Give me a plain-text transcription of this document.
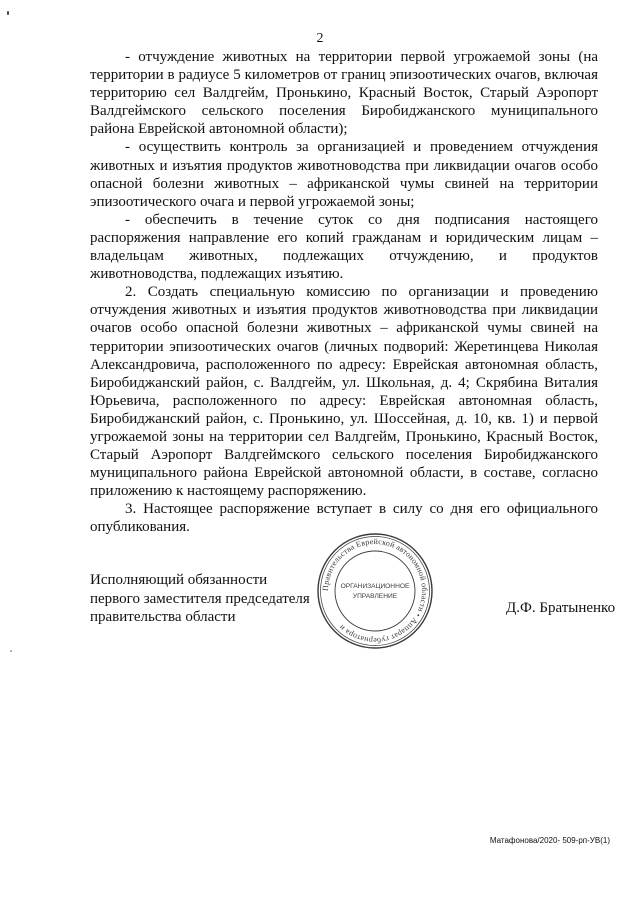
2

- отчуждение животных на территории первой угрожаемой зоны (на территории в радиусе 5 километров от границ эпизоотических очагов, включая территорию сел Валдгейм, Пронькино, Красный Восток, Старый Аэропорт Валдгеймского сельского поселения Биробиджанского муниципального района Еврейской автономной области);

- осуществить контроль за организацией и проведением отчуждения животных и изъятия продуктов животноводства при ликвидации очагов особо опасной болезни животных – африканской чумы свиней на территории эпизоотического очага и первой угрожаемой зоны;

- обеспечить в течение суток со дня подписания настоящего распоряжения направление его копий гражданам и юридическим лицам – владельцам животных, подлежащих отчуждению, и продуктов животноводства, подлежащих изъятию.

2. Создать специальную комиссию по организации и проведению отчуждения животных и изъятия продуктов животноводства при ликвидации очагов особо опасной болезни животных – африканской чумы свиней на территории эпизоотических очагов (личных подворий: Жеретинцева Николая Александровича, расположенного по адресу: Еврейская автономная область, Биробиджанский район, с. Валдгейм, ул. Школьная, д. 4; Скрябина Виталия Юрьевича, расположенного по адресу: Еврейская автономная область, Биробиджанский район, с. Пронькино, ул. Шоссейная, д. 10, кв. 1) и первой угрожаемой зоны на территории сел Валдгейм, Пронькино, Красный Восток, Старый Аэропорт Валдгеймского сельского поселения Биробиджанского муниципального района Еврейской автономной области, в составе, согласно приложению к настоящему распоряжению.

3. Настоящее распоряжение вступает в силу со дня его официального опубликования.

Исполняющий обязанности
первого заместителя председателя
правительства области
Правительства Еврейской автономной области • Аппарат губернатора и
ОРГАНИЗАЦИОННОЕ
УПРАВЛЕНИЕ
Д.Ф. Братыненко
Матафонова/2020- 509-рп-УВ(1)
